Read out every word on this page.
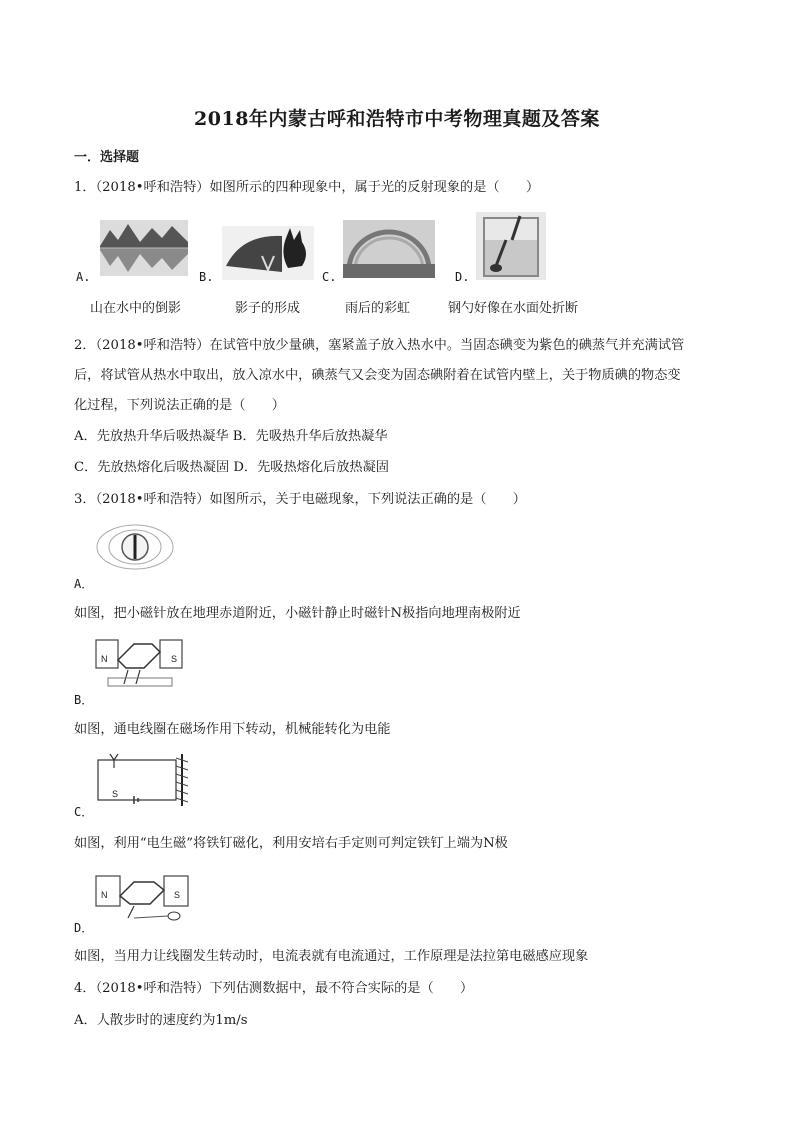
2018年内蒙古呼和浩特市中考物理真题及答案
一．选择题
1．（2018•呼和浩特）如图所示的四种现象中，属于光的反射现象的是（　　）
A.
山在水中的倒影
B.
影子的形成
C.
雨后的彩虹
D.
钢勺好像在水面处折断
2．（2018•呼和浩特）在试管中放少量碘，塞紧盖子放入热水中。当固态碘变为紫色的碘蒸气并充满试管
后，将试管从热水中取出，放入凉水中，碘蒸气又会变为固态碘附着在试管内壁上，关于物质碘的物态变
化过程，下列说法正确的是（　　）
A．先放热升华后吸热凝华 B．先吸热升华后放热凝华
C．先放热熔化后吸热凝固 D．先吸热熔化后放热凝固
3．（2018•呼和浩特）如图所示，关于电磁现象，下列说法正确的是（　　）
A．
如图，把小磁针放在地理赤道附近，小磁针静止时磁针N极指向地理南极附近
N	S
B．
如图，通电线圈在磁场作用下转动，机械能转化为电能
S
C．
如图，利用“电生磁”将铁钉磁化，利用安培右手定则可判定铁钉上端为N极
N	S
D．
如图，当用力让线圈发生转动时，电流表就有电流通过，工作原理是法拉第电磁感应现象
4．（2018•呼和浩特）下列估测数据中，最不符合实际的是（　　）
A．人散步时的速度约为1m/s
